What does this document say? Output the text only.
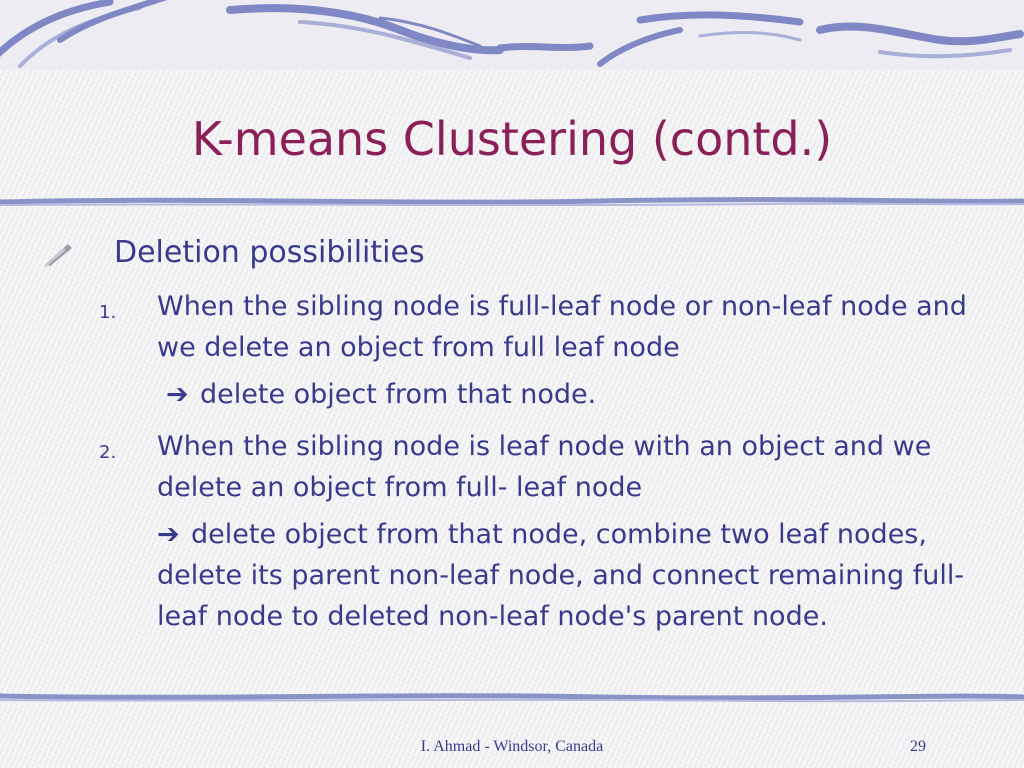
K-means Clustering (contd.)
Deletion possibilities
1. When the sibling node is full-leaf node or non-leaf node and we delete an object from full leaf node
➔ delete object from that node.
2. When the sibling node is leaf node with an object and we delete an object from full- leaf node
➔ delete object from that node, combine two leaf nodes, delete its parent non-leaf node, and connect remaining full-leaf node to deleted non-leaf node's parent node.
I. Ahmad - Windsor, Canada	29
